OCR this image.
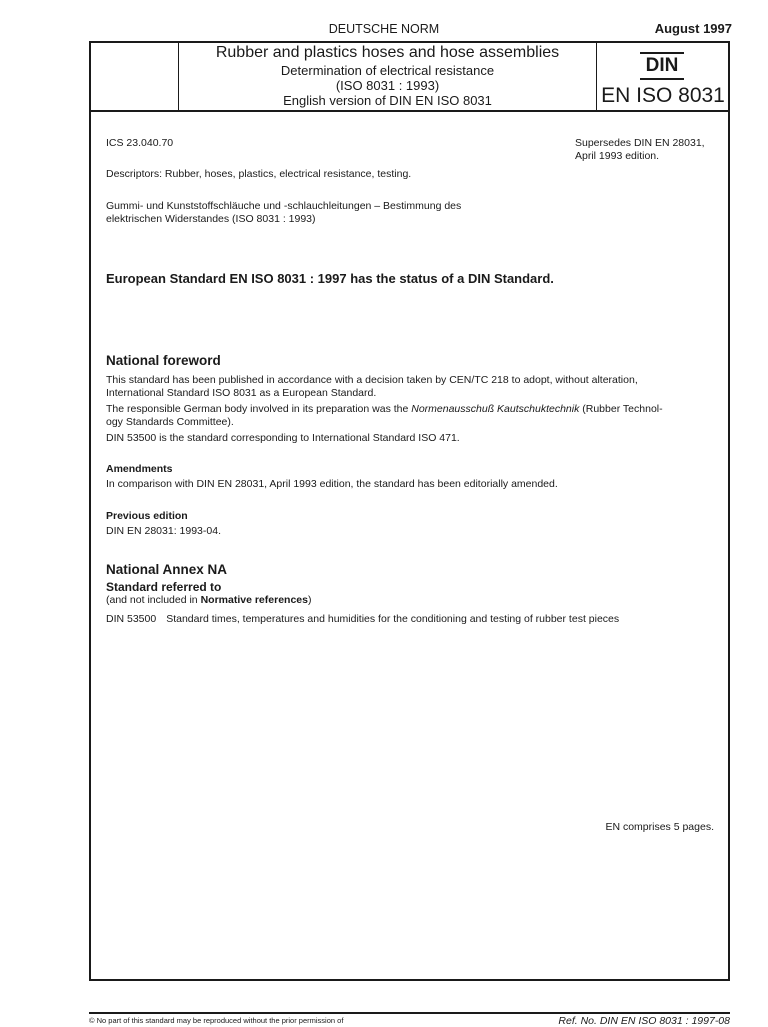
DEUTSCHE NORM	August 1997
Rubber and plastics hoses and hose assemblies
Determination of electrical resistance
(ISO 8031 : 1993)
English version of DIN EN ISO 8031
DIN
EN ISO 8031
ICS 23.040.70	Supersedes DIN EN 28031,
April 1993 edition.
Descriptors: Rubber, hoses, plastics, electrical resistance, testing.
Gummi- und Kunststoffschläuche und -schlauchleitungen – Bestimmung des
elektrischen Widerstandes (ISO 8031 : 1993)
European Standard EN ISO 8031 : 1997 has the status of a DIN Standard.
National foreword
This standard has been published in accordance with a decision taken by CEN/TC 218 to adopt, without alteration,
International Standard ISO 8031 as a European Standard.
The responsible German body involved in its preparation was the Normenausschuß Kautschuktechnik (Rubber Technol-
ogy Standards Committee).
DIN 53500 is the standard corresponding to International Standard ISO 471.
Amendments
In comparison with DIN EN 28031, April 1993 edition, the standard has been editorially amended.
Previous edition
DIN EN 28031: 1993-04.
National Annex NA
Standard referred to
(and not included in Normative references)
DIN 53500 Standard times, temperatures and humidities for the conditioning and testing of rubber test pieces
EN comprises 5 pages.
© No part of this standard may be reproduced without the prior permission of	Ref. No. DIN EN ISO 8031 : 1997-08
